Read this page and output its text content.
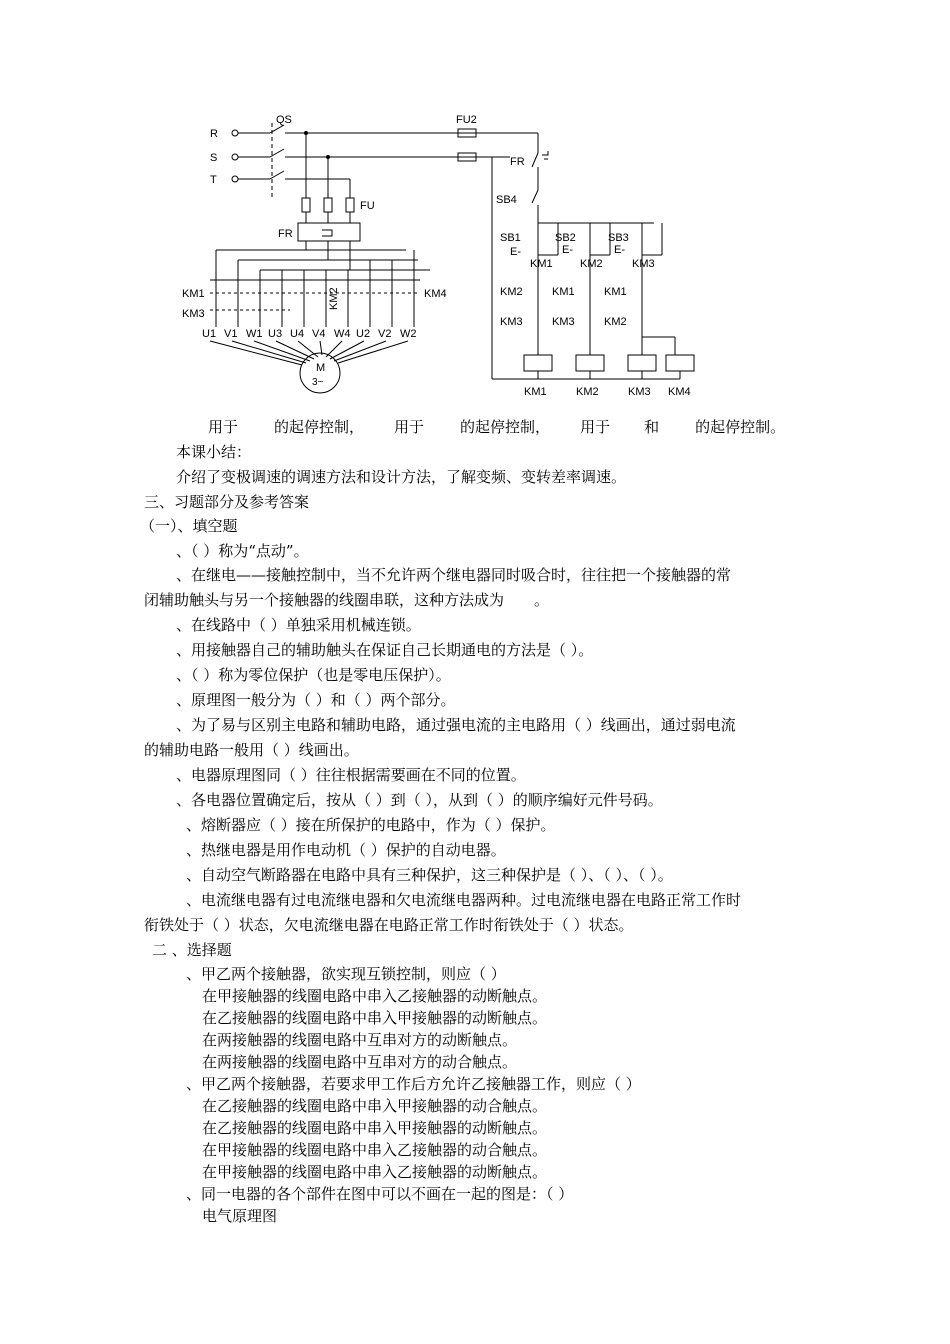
R
S
T
QS
FU
FR
KM1
KM3
KM4
KM2
U1 V1 W1 U3 U4 V4 W4 U2 V2 W2
M
3~
FU2
FR
SB4
SB1	SB2	SB3
E-	E-	E-
KM1 KM2	KM3
KM2	KM1	KM1
KM3	KM3	KM2
KM1	KM2	KM3 KM4
用于 的起停控制， 用于 的起停控制， 用于 和 的起停控制。
本课小结：
介绍了变极调速的调速方法和设计方法，了解变频、变转差率调速。
三、习题部分及参考答案
（一）、填空题
、（ ）称为“点动”。
、在继电——接触控制中，当不允许两个继电器同时吸合时，往往把一个接触器的常
闭辅助触头与另一个接触器的线圈串联，这种方法成为　　。
、在线路中（ ）单独采用机械连锁。
、用接触器自己的辅助触头在保证自己长期通电的方法是（ ）。
、（ ）称为零位保护（也是零电压保护）。
、原理图一般分为（ ）和（ ）两个部分。
、为了易与区别主电路和辅助电路，通过强电流的主电路用（ ）线画出，通过弱电流
的辅助电路一般用（ ）线画出。
、电器原理图同（ ）往往根据需要画在不同的位置。
、各电器位置确定后，按从（ ）到（ ），从到（ ）的顺序编好元件号码。
、熔断器应（ ）接在所保护的电路中，作为（ ）保护。
、热继电器是用作电动机（ ）保护的自动电器。
、自动空气断路器在电路中具有三种保护，这三种保护是（ ）、（ ）、（ ）。
、电流继电器有过电流继电器和欠电流继电器两种。过电流继电器在电路正常工作时
衔铁处于（ ）状态，欠电流继电器在电路正常工作时衔铁处于（ ）状态。
二 、选择题
、甲乙两个接触器，欲实现互锁控制，则应（ ）
在甲接触器的线圈电路中串入乙接触器的动断触点。
在乙接触器的线圈电路中串入甲接触器的动断触点。
在两接触器的线圈电路中互串对方的动断触点。
在两接触器的线圈电路中互串对方的动合触点。
、甲乙两个接触器，若要求甲工作后方允许乙接触器工作，则应（ ）
在乙接触器的线圈电路中串入甲接触器的动合触点。
在乙接触器的线圈电路中串入甲接触器的动断触点。
在甲接触器的线圈电路中串入乙接触器的动合触点。
在甲接触器的线圈电路中串入乙接触器的动断触点。
、同一电器的各个部件在图中可以不画在一起的图是：（ ）
电气原理图
